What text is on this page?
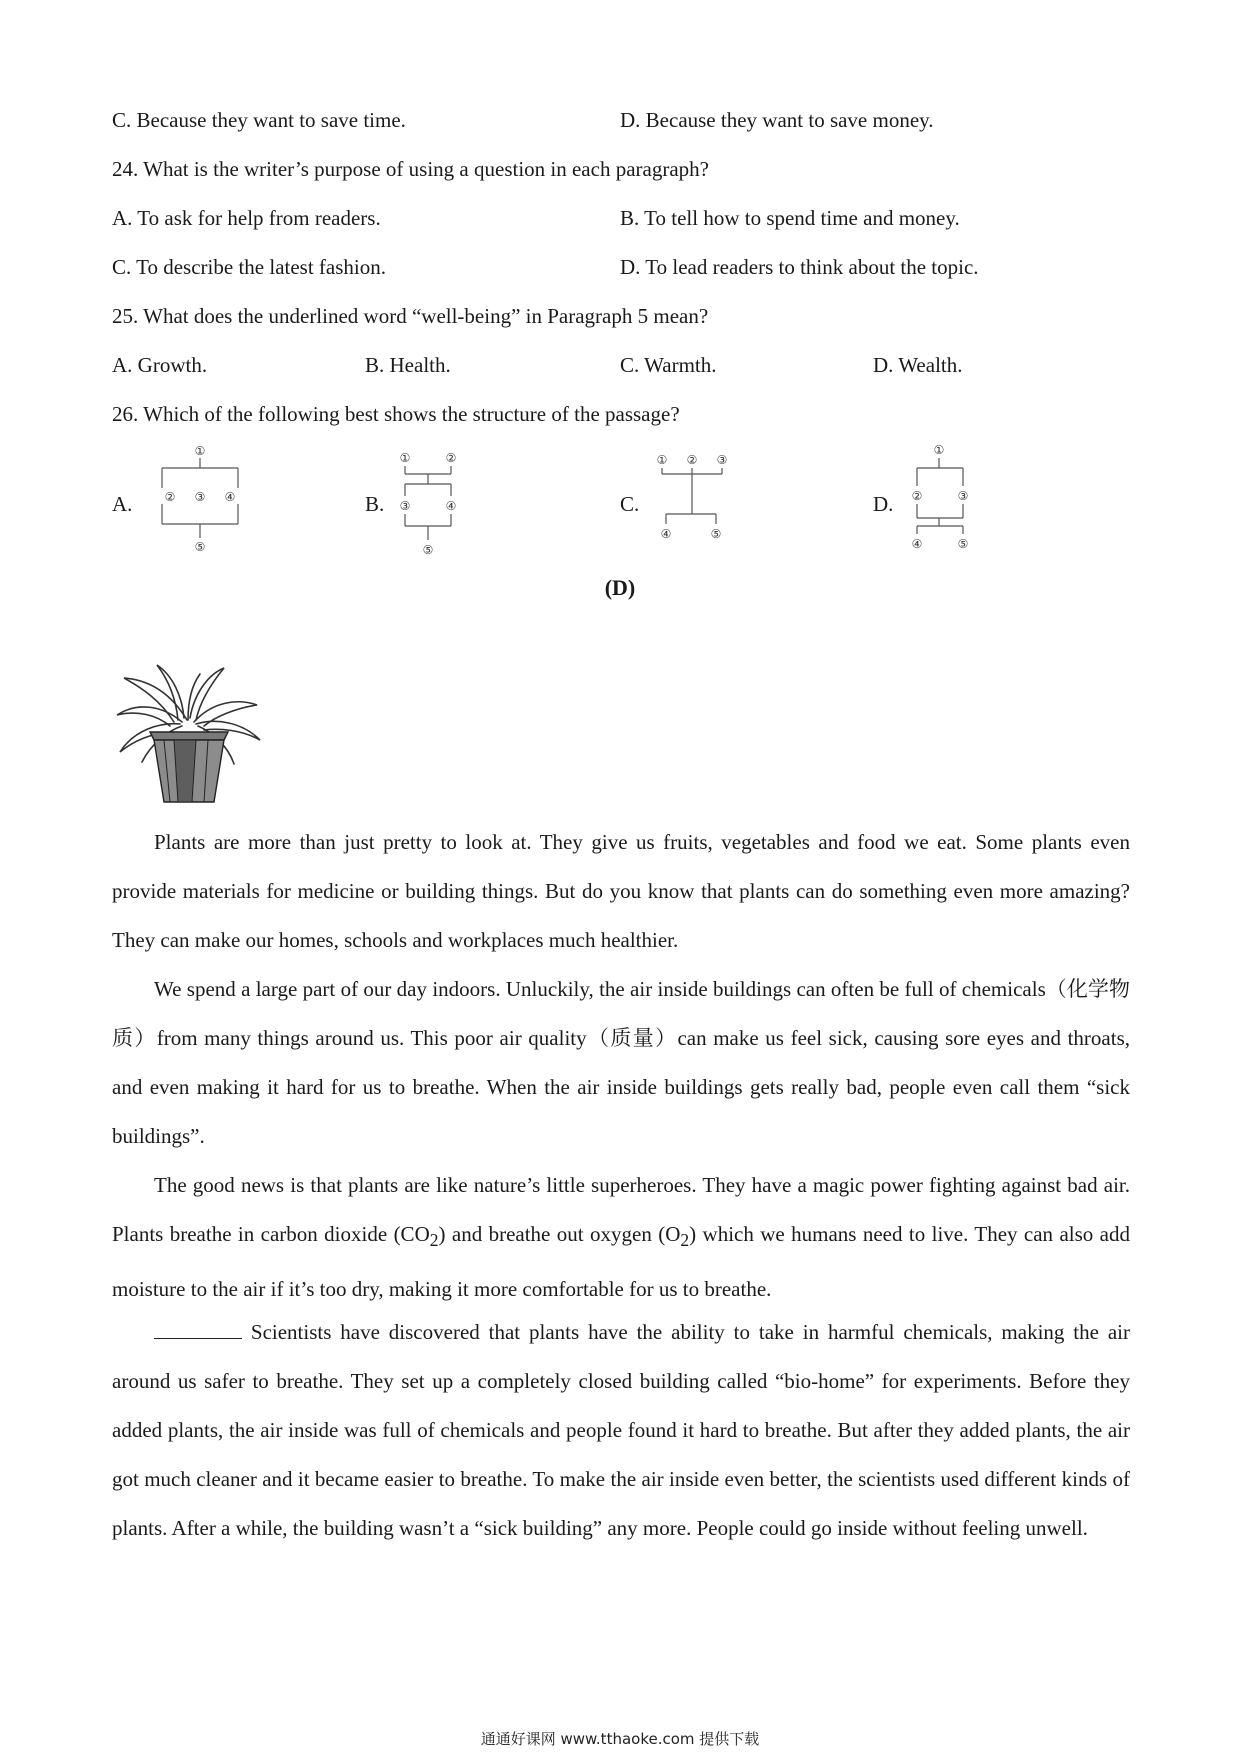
C. Because they want to save time.	D. Because they want to save money.
24. What is the writer’s purpose of using a question in each paragraph?
A. To ask for help from readers.	B. To tell how to spend time and money.
C. To describe the latest fashion.	D. To lead readers to think about the topic.
25. What does the underlined word “well-being” in Paragraph 5 mean?
A. Growth.	B. Health.	C. Warmth.	D. Wealth.
26. Which of the following best shows the structure of the passage?
A.
①
② ③ ④
⑤
B.
①	②
③	④
⑤
C.
① ② ③
④	⑤
D.
①
②	③
④	⑤
(D)
Plants are more than just pretty to look at. They give us fruits, vegetables and food we eat. Some plants even provide materials for medicine or building things. But do you know that plants can do something even more amazing? They can make our homes, schools and workplaces much healthier.
We spend a large part of our day indoors. Unluckily, the air inside buildings can often be full of chemicals（化学物质）from many things around us. This poor air quality（质量）can make us feel sick, causing sore eyes and throats, and even making it hard for us to breathe. When the air inside buildings gets really bad, people even call them “sick buildings”.
The good news is that plants are like nature’s little superheroes. They have a magic power fighting against bad air. Plants breathe in carbon dioxide $(CO_2)$ and breathe out oxygen $(O_2)$ which we humans need to live. They can also add moisture to the air if it’s too dry, making it more comfortable for us to breathe.
Scientists have discovered that plants have the ability to take in harmful chemicals, making the air around us safer to breathe. They set up a completely closed building called “bio-home” for experiments. Before they added plants, the air inside was full of chemicals and people found it hard to breathe. But after they added plants, the air got much cleaner and it became easier to breathe. To make the air inside even better, the scientists used different kinds of plants. After a while, the building wasn’t a “sick building” any more. People could go inside without feeling unwell.
通通好课网 www.tthaoke.com 提供下载
